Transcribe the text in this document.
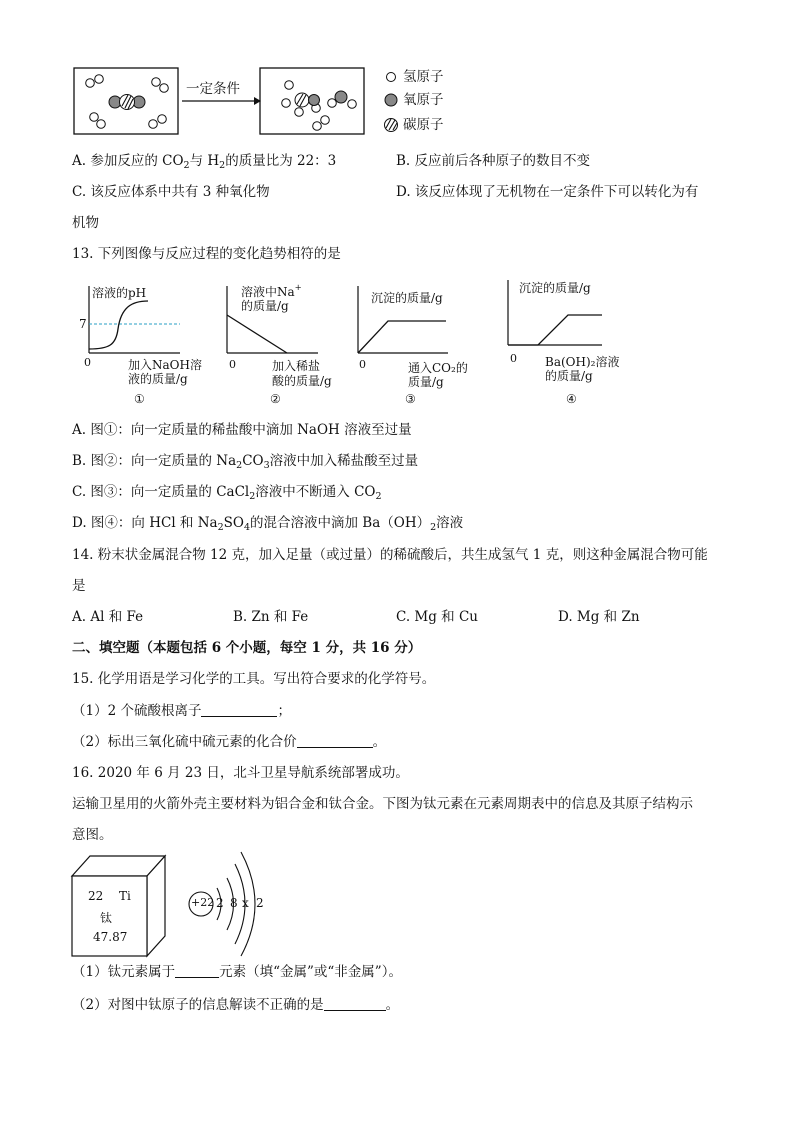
一定条件
氢原子
氧原子
碳原子
A. 参加反应的 $CO_2$与 $H_2$的质量比为 22：3	B. 反应前后各种原子的数目不变
C. 该反应体系中共有 3 种氧化物	D. 该反应体现了无机物在一定条件下可以转化为有
机物
13. 下列图像与反应过程的变化趋势相符的是
溶液的pH
7
0	加入NaOH溶
液的质量/g
①
溶液中Na+
的质量/g
0	加入稀盐
酸的质量/g
②
沉淀的质量/g
0	通入CO₂的
质量/g
③
沉淀的质量/g
0 Ba(OH)₂溶液
的质量/g
④
A. 图①：向一定质量的稀盐酸中滴加 NaOH 溶液至过量
B. 图②：向一定质量的 $Na_2CO_3$溶液中加入稀盐酸至过量
C. 图③：向一定质量的 CaCl$_2$溶液中不断通入 $CO_2$
D. 图④：向 HCl 和 $Na_2SO_4$的混合溶液中滴加 $Ba(OH)_2$溶液
14. 粉末状金属混合物 12 克，加入足量（或过量）的稀硫酸后，共生成氢气 1 克，则这种金属混合物可能
是
A. Al 和 Fe	B. Zn 和 Fe	C. Mg 和 Cu	D. Mg 和 Zn
二、填空题（本题包括 6 个小题，每空 1 分，共 16 分）
15. 化学用语是学习化学的工具。写出符合要求的化学符号。
（1）2 个硫酸根离子	；
（2）标出三氧化硫中硫元素的化合价	。
16. 2020 年 6 月 23 日，北斗卫星导航系统部署成功。
运输卫星用的火箭外壳主要材料为铝合金和钛合金。下图为钛元素在元素周期表中的信息及其原子结构示
意图。
22 Ti
钛
47.87
+22 2 8 x 2
（1）钛元素属于	元素（填“金属”或“非金属”）。
（2）对图中钛原子的信息解读不正确的是	。
